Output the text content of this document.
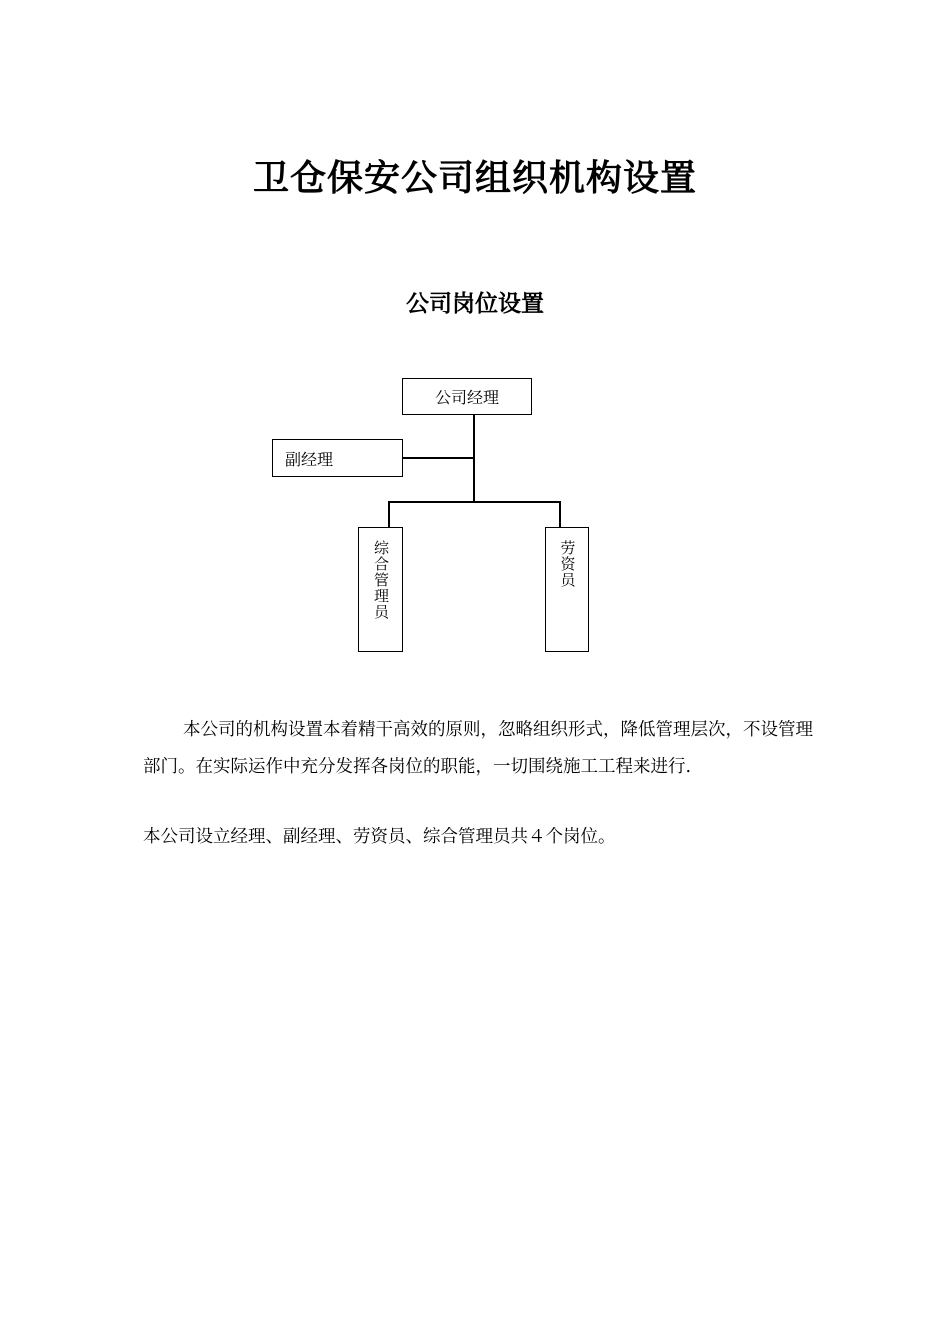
卫仓保安公司组织机构设置
公司岗位设置
公司经理
副经理
综合管理员	劳资员

本公司的机构设置本着精干高效的原则，忽略组织形式，降低管理层次，不设管理部门。在实际运作中充分发挥各岗位的职能，一切围绕施工工程来进行.

本公司设立经理、副经理、劳资员、综合管理员共４个岗位。
